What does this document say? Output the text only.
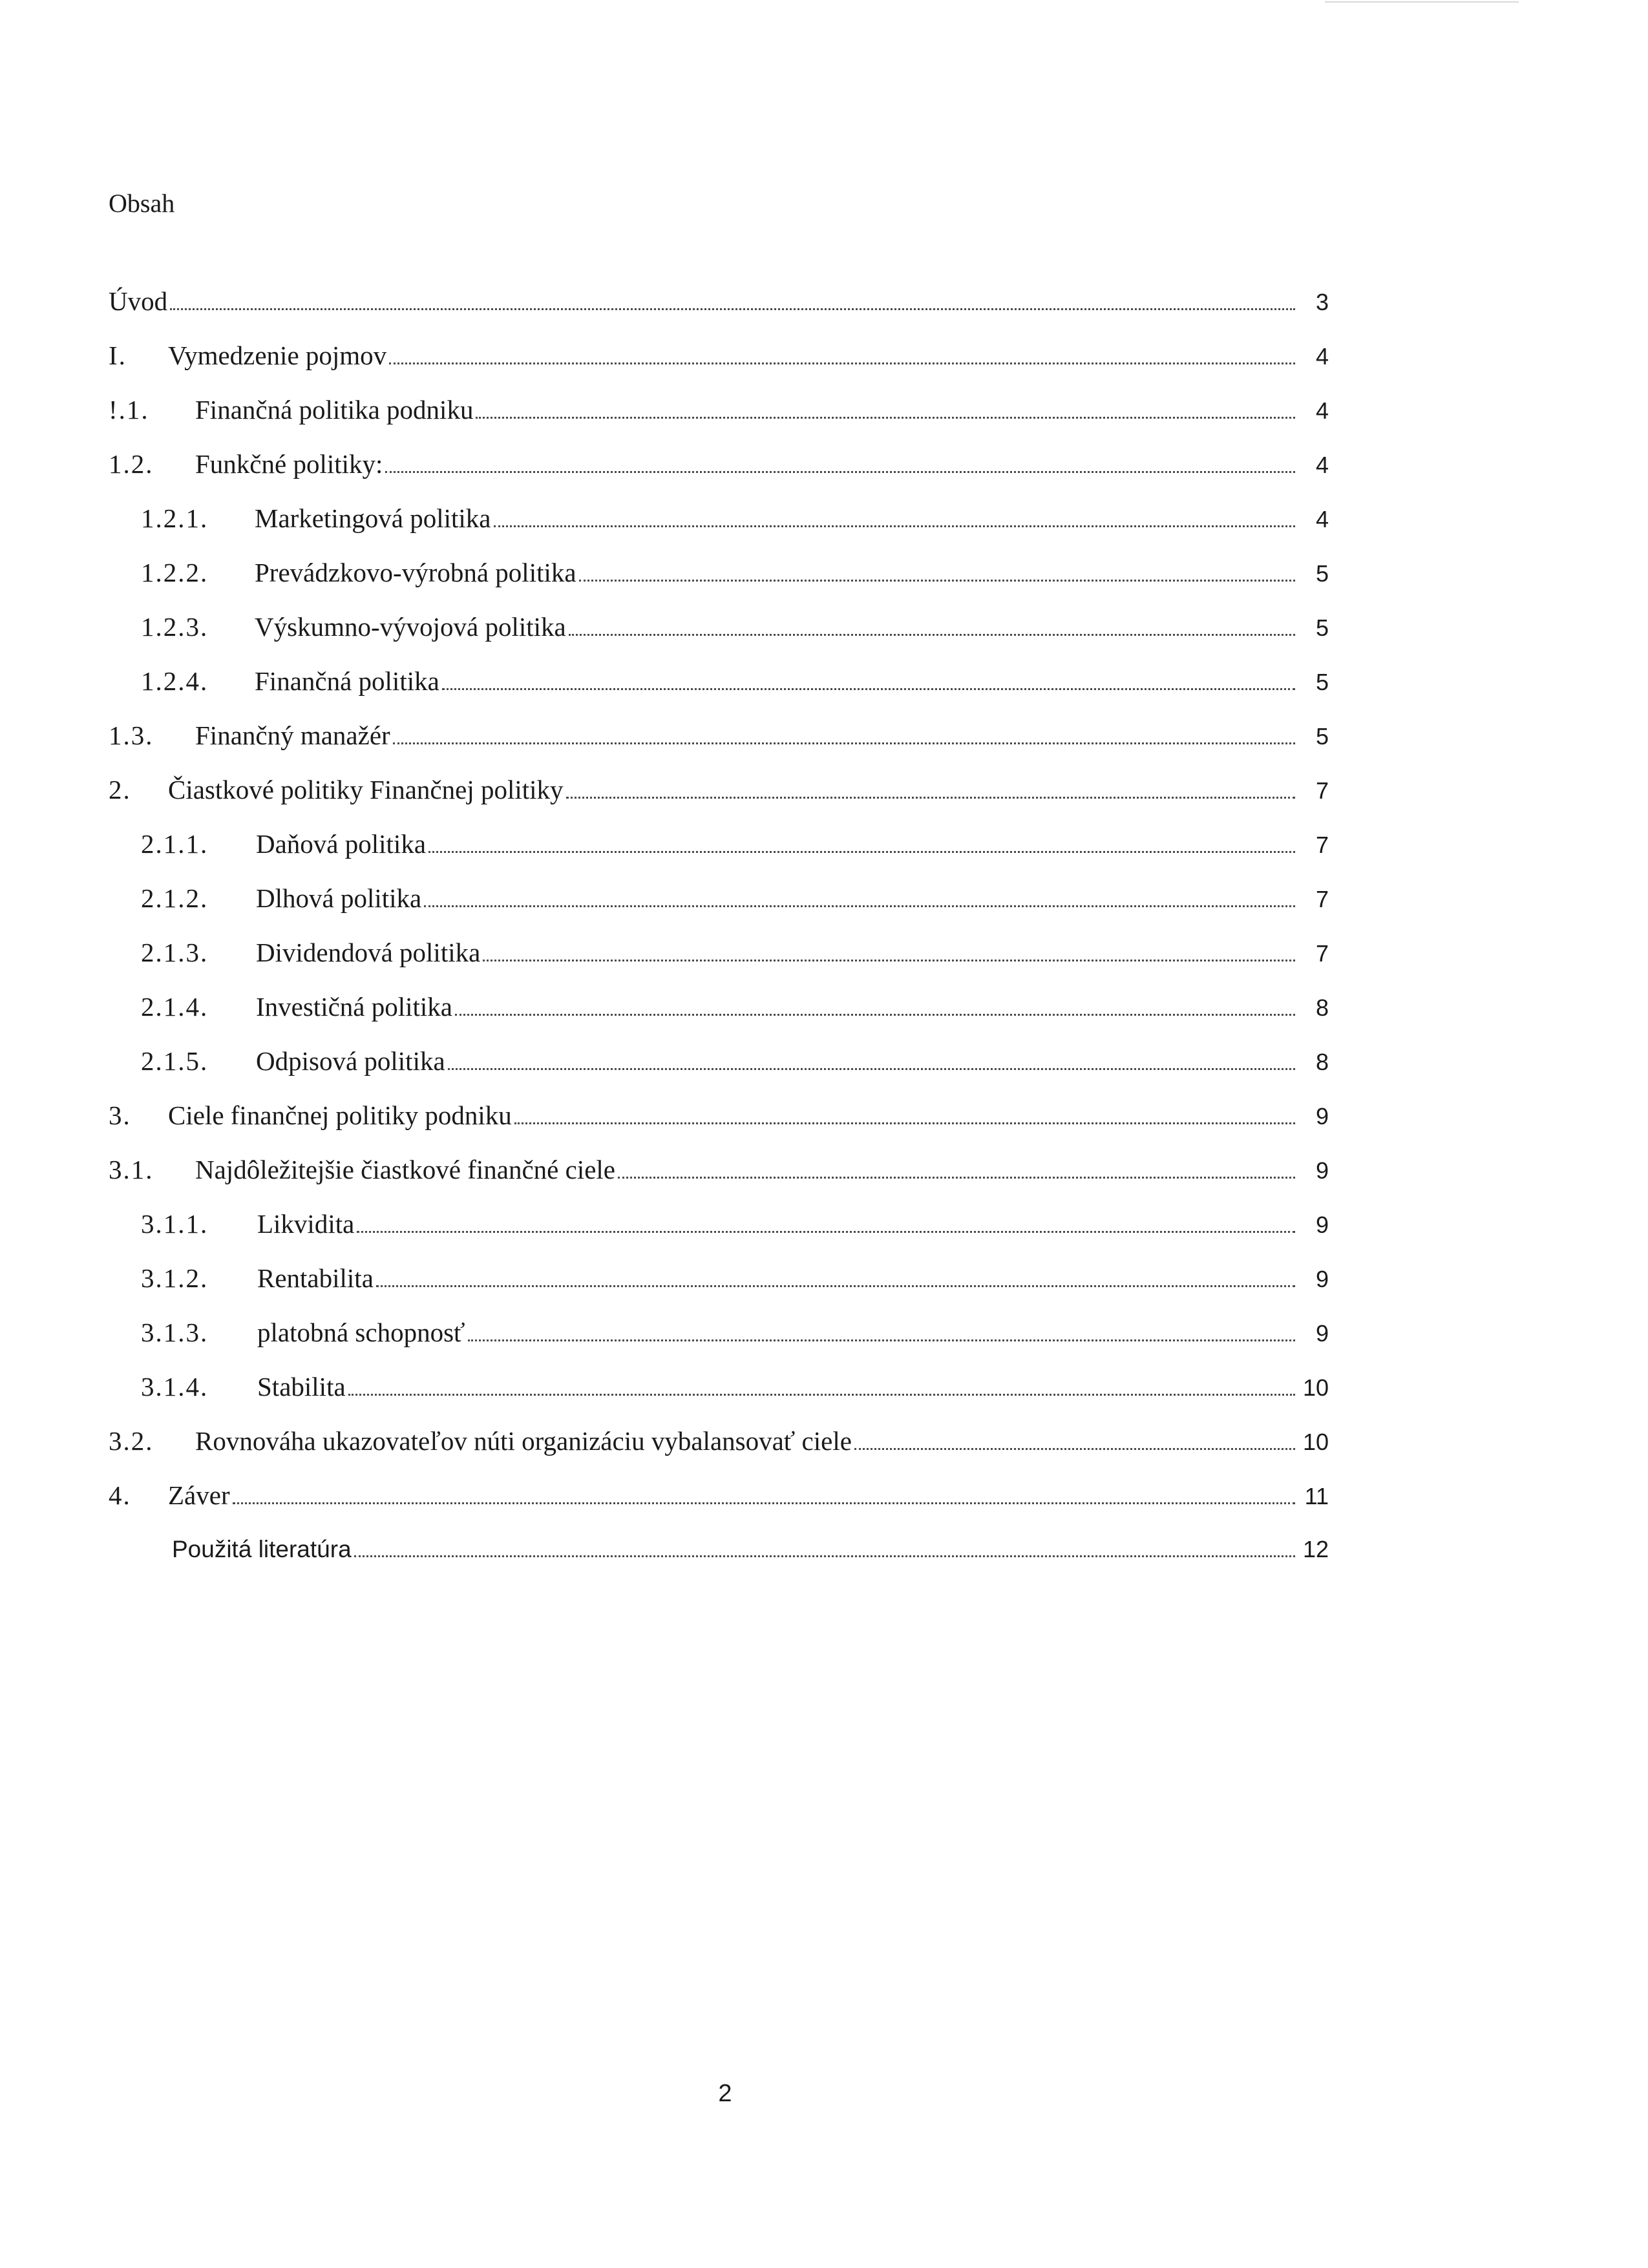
Obsah
Úvod	3
I.	Vymedzenie pojmov	4
!.1.	Finančná politika podniku	4
1.2.	Funkčné politiky:	4
1.2.1.	Marketingová politika	4
1.2.2.	Prevádzkovo-výrobná politika	5
1.2.3.	Výskumno-vývojová politika	5
1.2.4.	Finančná politika	5
1.3.	Finančný manažér	5
2.	Čiastkové politiky Finančnej politiky	7
2.1.1.	Daňová politika	7
2.1.2.	Dlhová politika	7
2.1.3.	Dividendová politika	7
2.1.4.	Investičná politika	8
2.1.5.	Odpisová politika	8
3.	Ciele finančnej politiky podniku	9
3.1.	Najdôležitejšie čiastkové finančné ciele	9
3.1.1.	Likvidita	9
3.1.2.	Rentabilita	9
3.1.3.	platobná schopnosť	9
3.1.4.	Stabilita	10
3.2.	Rovnováha ukazovateľov núti organizáciu vybalansovať ciele	10
4.	Záver	11
Použitá literatúra	12
2
